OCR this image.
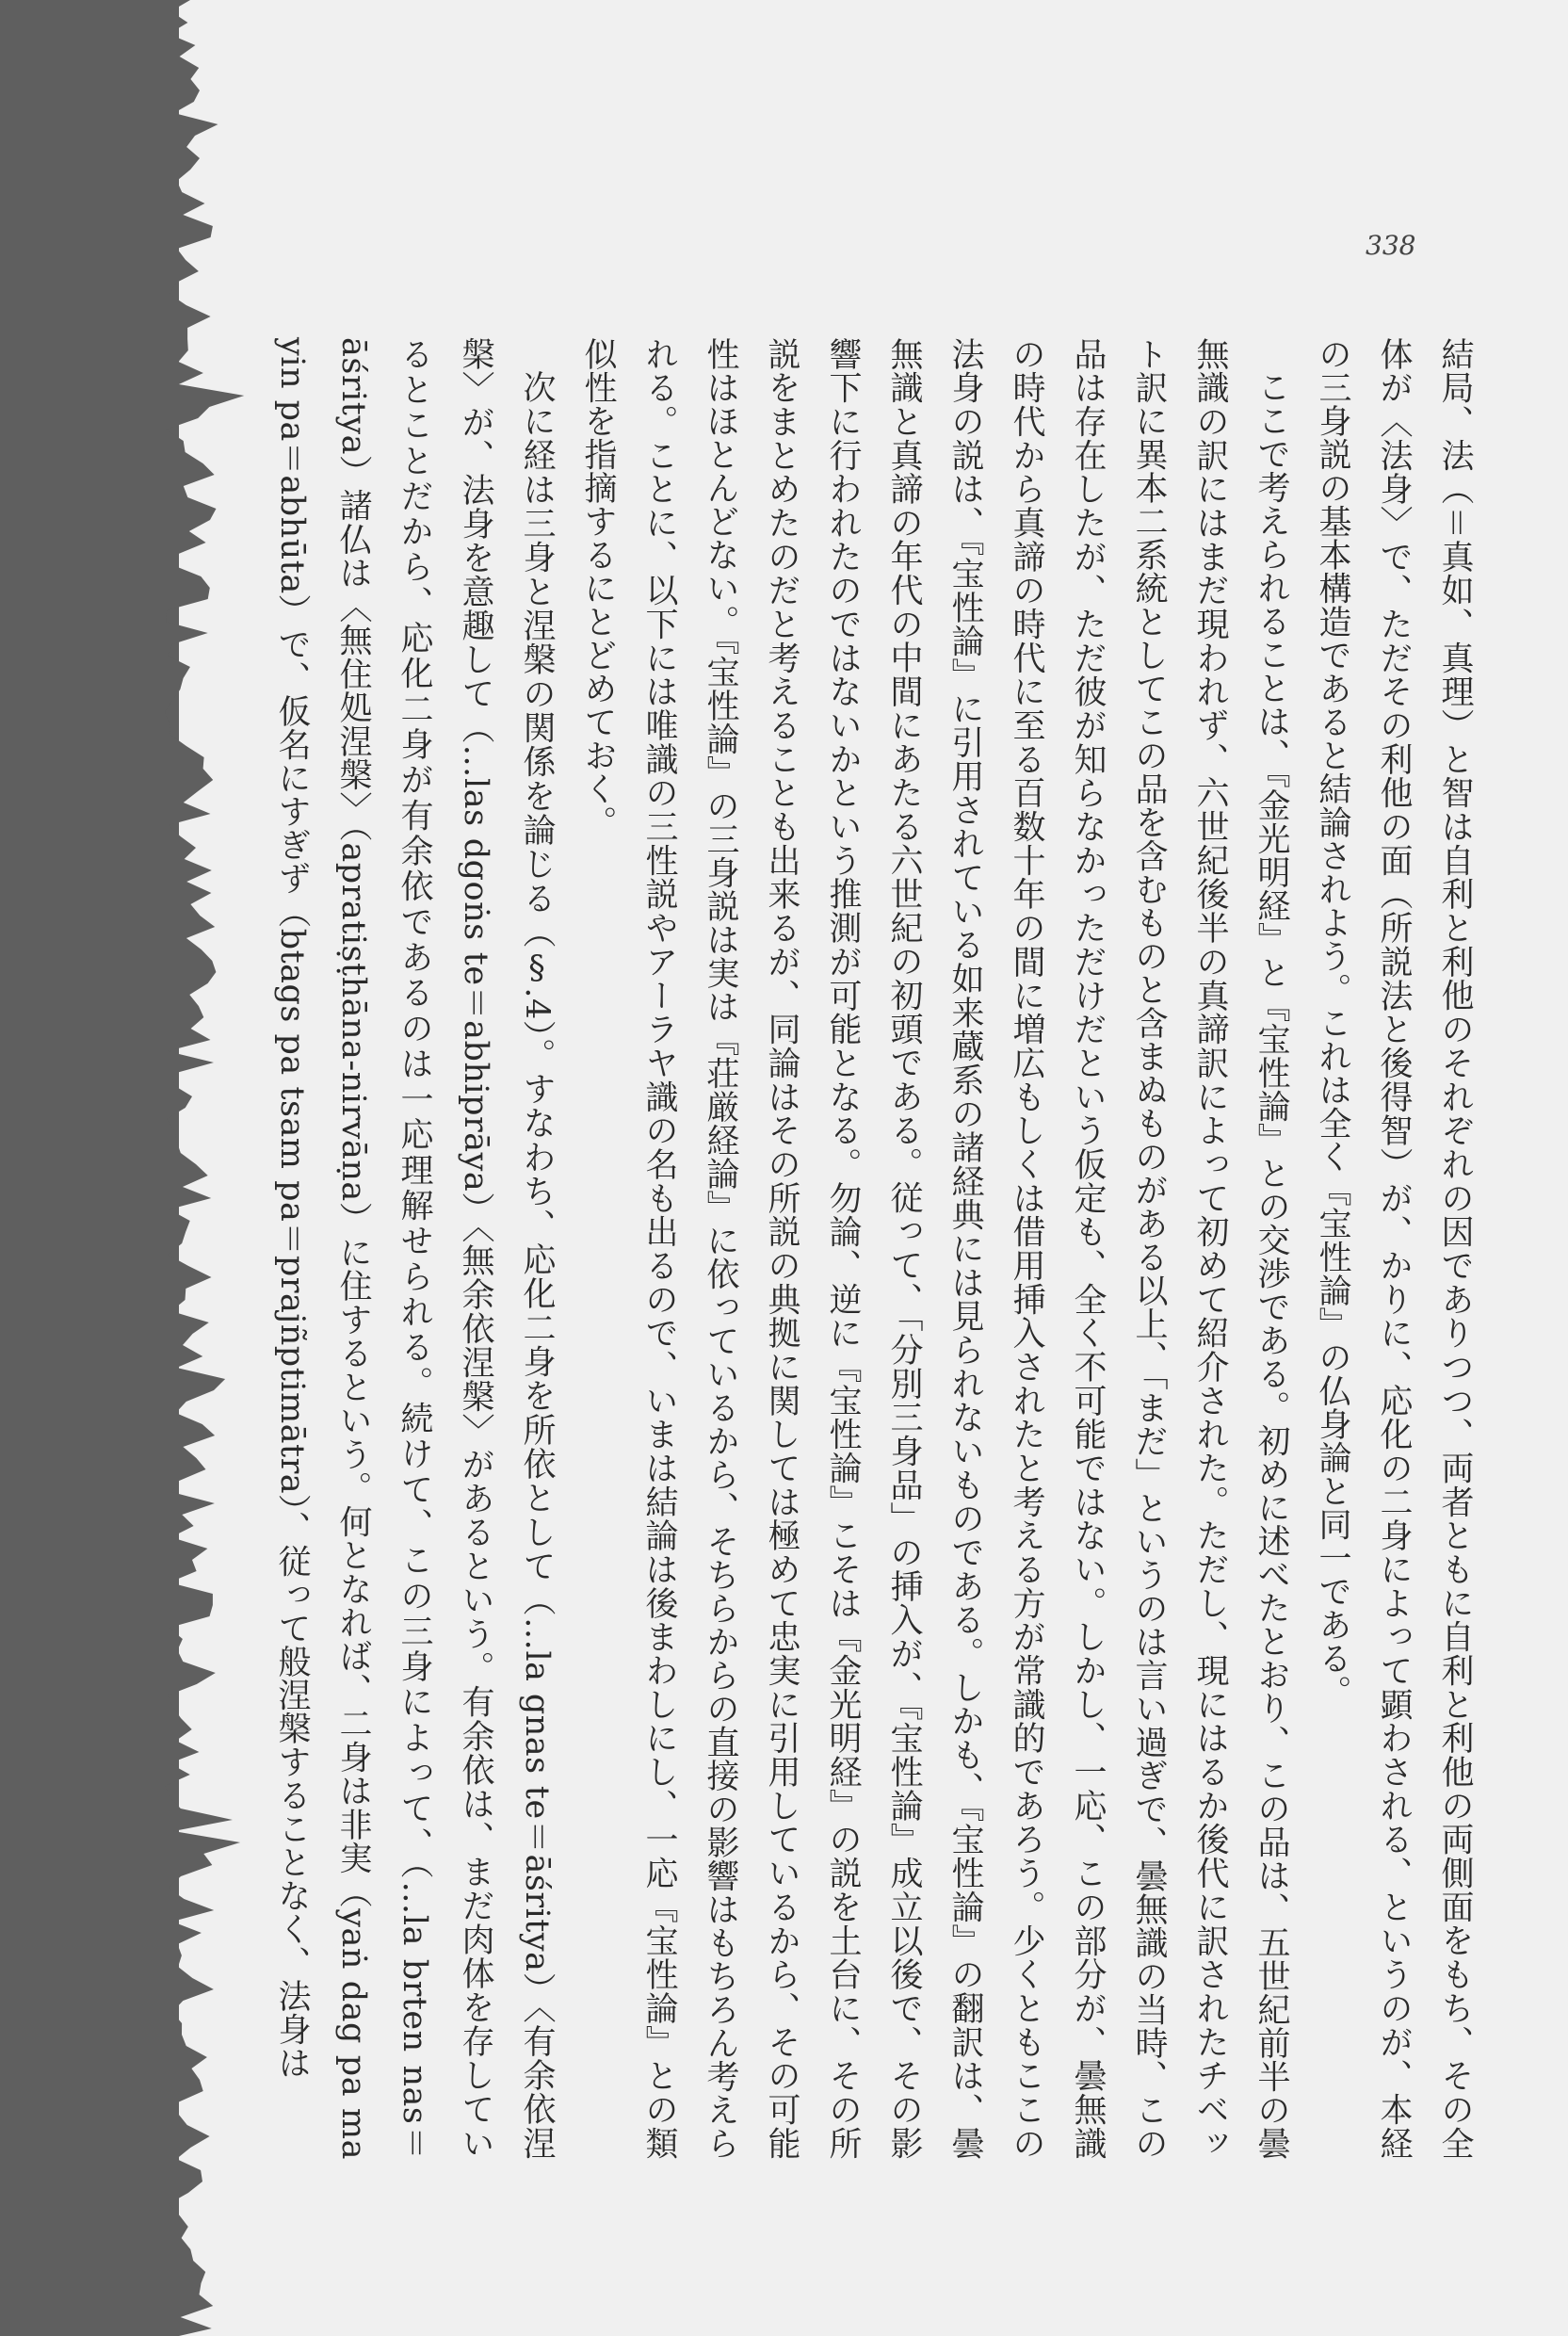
338

結局、法（＝真如、真理）と智は自利と利他のそれぞれの因でありつつ、両者ともに自利と利他の両側面をもち、その全体が〈法身〉で、ただその利他の面（所説法と後得智）が、かりに、応化の二身によって顕わされる、というのが、本経の三身説の基本構造であると結論されよう。これは全く『宝性論』の仏身論と同一である。

ここで考えられることは、『金光明経』と『宝性論』との交渉である。初めに述べたとおり、この品は、五世紀前半の曇無識の訳にはまだ現われず、六世紀後半の真諦訳によって初めて紹介された。ただし、現にはるか後代に訳されたチベット訳に異本二系統としてこの品を含むものと含まぬものがある以上、「まだ」というのは言い過ぎで、曇無識の当時、この品は存在したが、ただ彼が知らなかっただけだという仮定も、全く不可能ではない。しかし、一応、この部分が、曇無識の時代から真諦の時代に至る百数十年の間に増広もしくは借用挿入されたと考える方が常識的であろう。少くともここの法身の説は、『宝性論』に引用されている如来蔵系の諸経典には見られないものである。しかも、『宝性論』の翻訳は、曇無識と真諦の年代の中間にあたる六世紀の初頭である。従って、「分別三身品」の挿入が、『宝性論』成立以後で、その影響下に行われたのではないかという推測が可能となる。勿論、逆に『宝性論』こそは『金光明経』の説を土台に、その所説をまとめたのだと考えることも出来るが、同論はその所説の典拠に関しては極めて忠実に引用しているから、その可能性はほとんどない。『宝性論』の三身説は実は『荘厳経論』に依っているから、そちらからの直接の影響はもちろん考えられる。ことに、以下には唯識の三性説やアーラヤ識の名も出るので、いまは結論は後まわしにし、一応『宝性論』との類似性を指摘するにとどめておく。

次に経は三身と涅槃の関係を論じる（§.4）。すなわち、応化二身を所依として（…la gnas te＝āśritya）〈有余依涅槃〉が、法身を意趣して（…las dgoṅs te＝abhiprāya）〈無余依涅槃〉があるという。有余依は、まだ肉体を存しているとことだから、応化二身が有余依であるのは一応理解せられる。続けて、この三身によって、（…la brten nas＝āśritya）諸仏は〈無住処涅槃〉（apratiṣṭhāna-nirvāṇa）に住するという。何となれば、二身は非実（yaṅ dag pa ma yin pa＝abhūta）で、仮名にすぎず（btags pa tsam pa＝prajñptimātra）、従って般涅槃することなく、法身は
